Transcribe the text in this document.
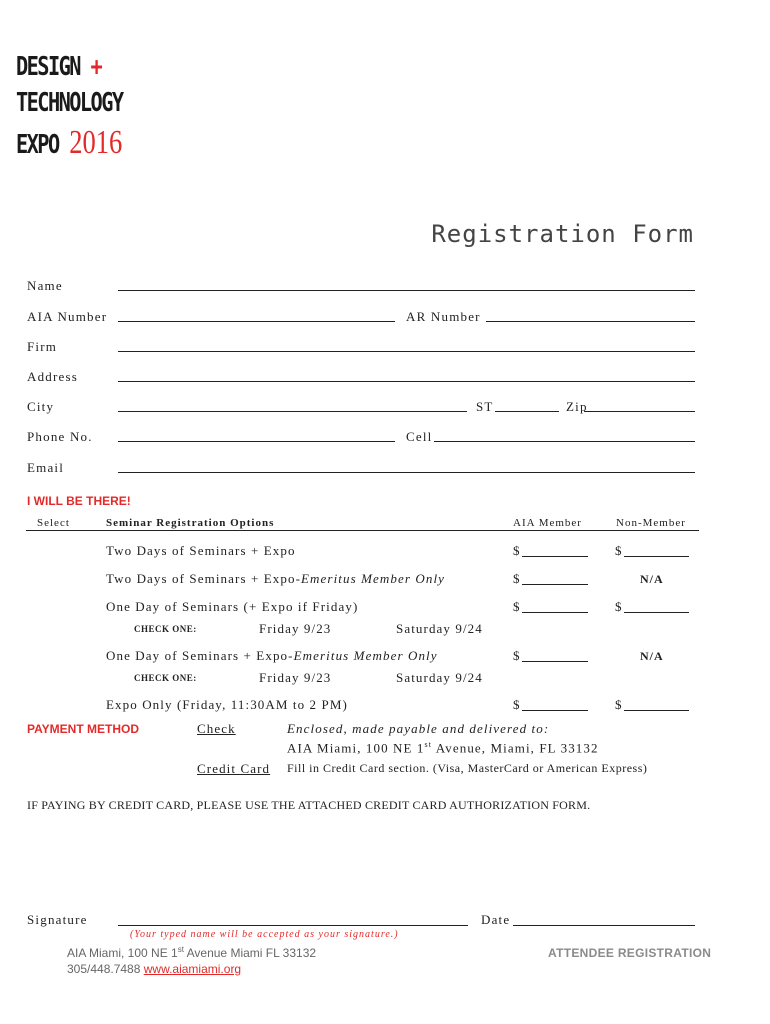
DESIGN +
TECHNOLOGY
EXPO 2016
Registration Form
Name
AIA Number	AR Number
Firm
Address
City	ST	Zip
Phone No.	Cell
Email
I WILL BE THERE!
Select	Seminar Registration Options	AIA Member	Non-Member
Two Days of Seminars + Expo	$	$
Two Days of Seminars + Expo-Emeritus Member Only	$	N/A
One Day of Seminars (+ Expo if Friday)	$	$
CHECK ONE:	Friday 9/23	Saturday 9/24
One Day of Seminars + Expo-Emeritus Member Only	$	N/A
CHECK ONE:	Friday 9/23	Saturday 9/24
Expo Only (Friday, 11:30AM to 2 PM)	$	$
PAYMENT METHOD	Check	Enclosed, made payable and delivered to:
AIA Miami, 100 NE 1st Avenue, Miami, FL 33132
Credit Card Fill in Credit Card section. (Visa, MasterCard or American Express)
IF PAYING BY CREDIT CARD, PLEASE USE THE ATTACHED CREDIT CARD AUTHORIZATION FORM.
Signature	Date
(Your typed name will be accepted as your signature.)
AIA Miami, 100 NE 1st Avenue Miami FL 33132
305/448.7488 www.aiamiami.org
ATTENDEE REGISTRATION
